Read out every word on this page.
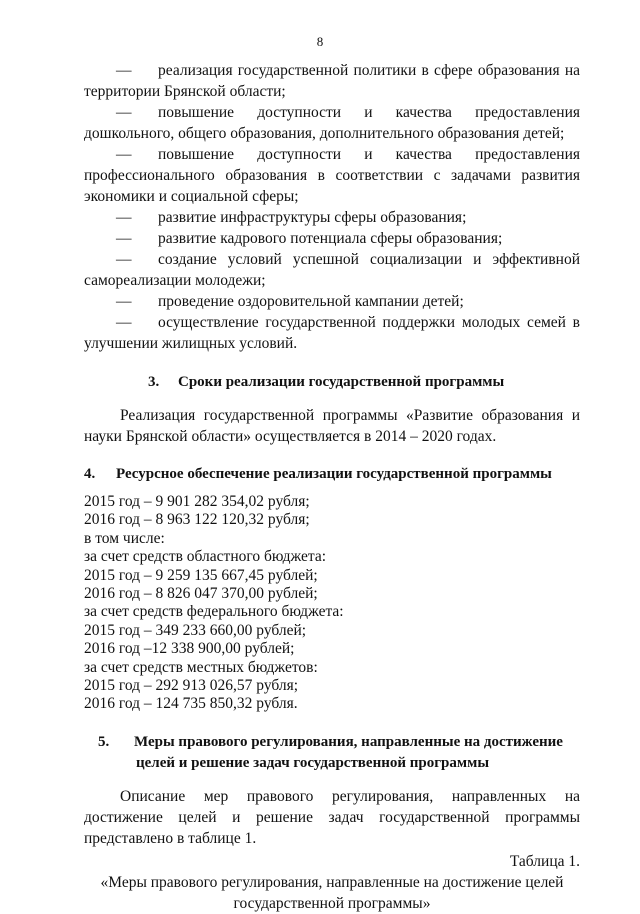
8
—	реализация государственной политики в сфере образования на
территории Брянской области;
—	повышение доступности и качества предоставления
дошкольного, общего образования, дополнительного образования детей;
—	повышение доступности и качества предоставления
профессионального образования в соответствии с задачами развития экономики и социальной сферы;
—	развитие инфраструктуры сферы образования;
—	развитие кадрового потенциала сферы образования;
—	создание условий успешной социализации и эффективной
самореализации молодежи;
—	проведение оздоровительной кампании детей;
—	осуществление государственной поддержки молодых семей в
улучшении жилищных условий.
3.	Сроки реализации государственной программы
Реализация государственной программы «Развитие образования и науки Брянской области» осуществляется в 2014 – 2020 годах.
4.	Ресурсное обеспечение реализации государственной программы
2015 год – 9 901 282 354,02 рубля;
2016 год – 8 963 122 120,32 рубля;
в том числе:
за счет средств областного бюджета:
2015 год – 9 259 135 667,45 рублей;
2016 год – 8 826 047 370,00 рублей;
за счет средств федерального бюджета:
2015 год – 349 233 660,00 рублей;
2016 год –12 338 900,00 рублей;
за счет средств местных бюджетов:
2015 год – 292 913 026,57 рубля;
2016 год – 124 735 850,32 рубля.
5.	Меры правового регулирования, направленные на достижение
целей и решение задач государственной программы
Описание мер правового регулирования, направленных на достижение целей и решение задач государственной программы представлено в таблице 1.
Таблица 1.
«Меры правового регулирования, направленные на достижение целей
государственной программы»
